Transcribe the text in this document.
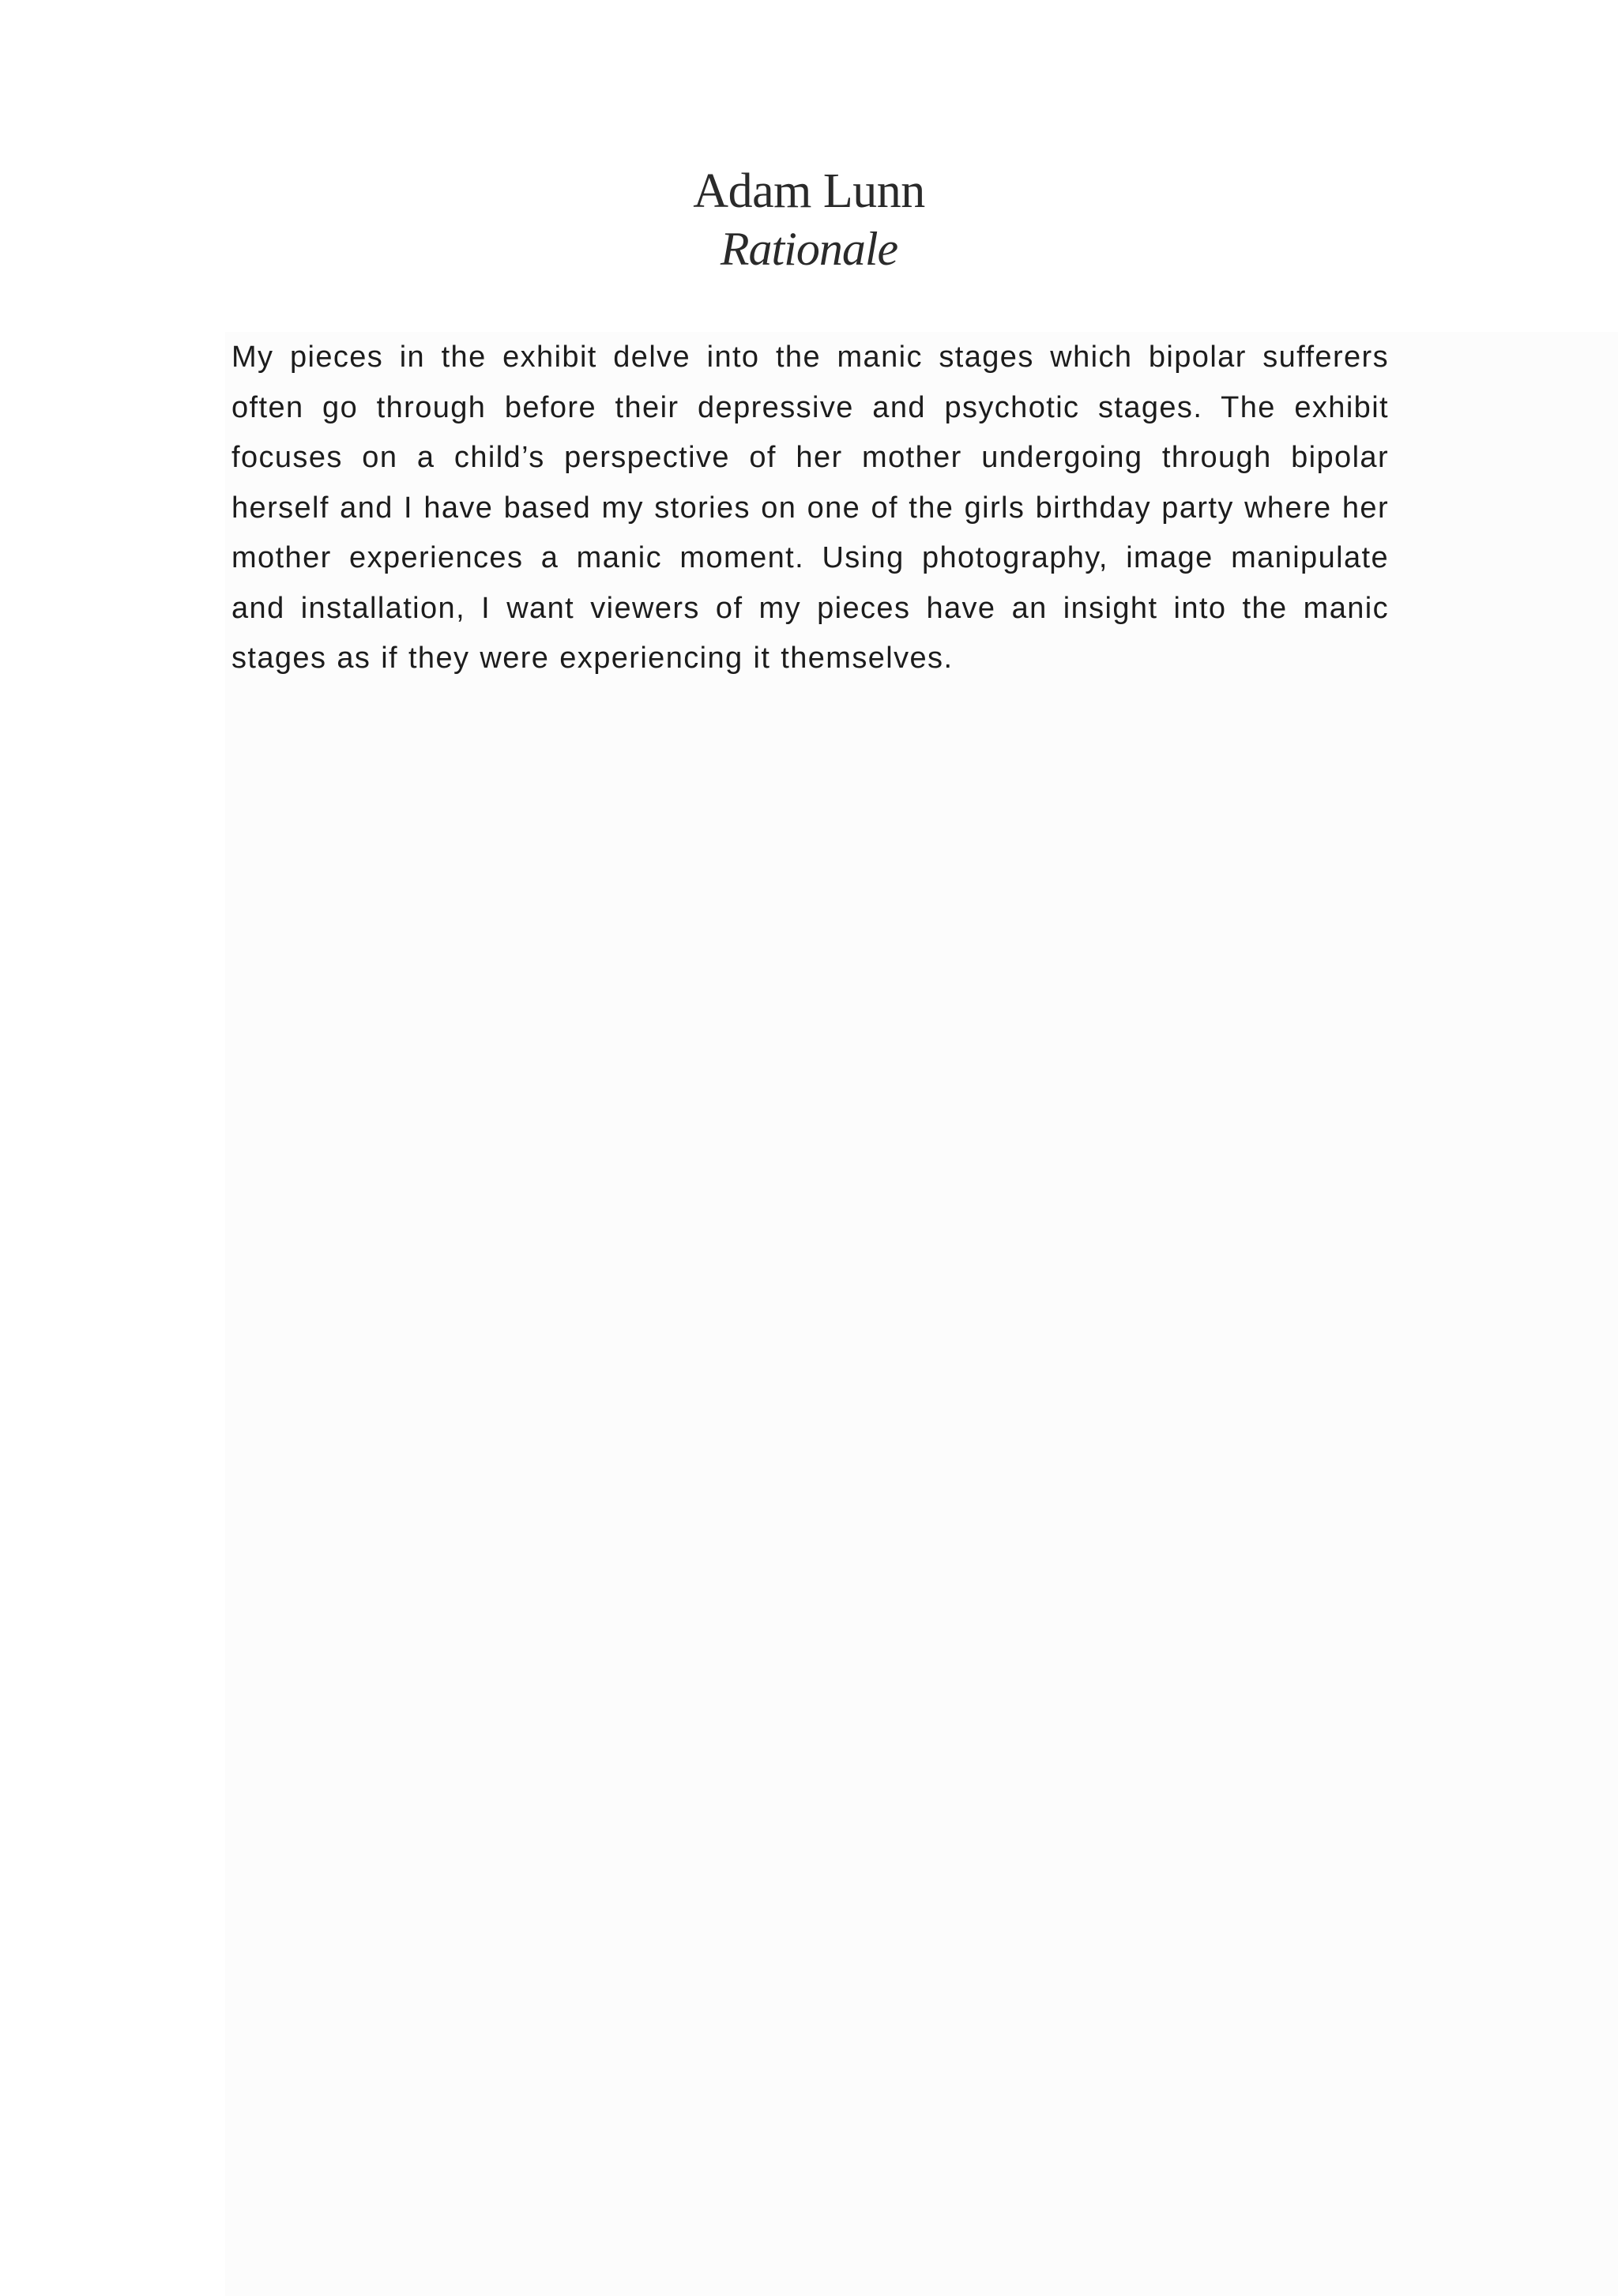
Adam Lunn
Rationale

My pieces in the exhibit delve into the manic stages which bipolar sufferers often go through before their depressive and psychotic stages. The exhibit focuses on a child’s perspective of her mother undergoing through bipolar herself and I have based my stories on one of the girls birthday party where her mother experiences a manic moment. Using photography, image manipulate and installation, I want viewers of my pieces have an insight into the manic stages as if they were experiencing it themselves.
